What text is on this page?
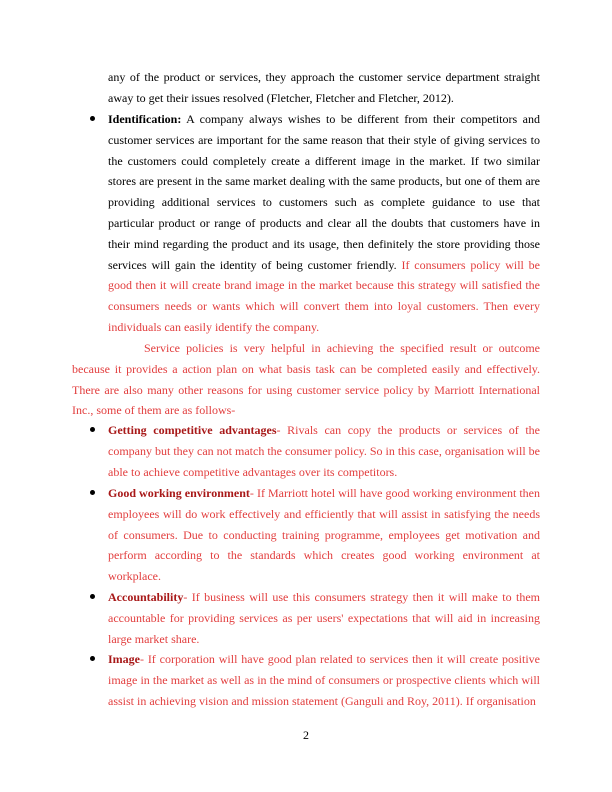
any of the product or services, they approach the customer service department straight away to get their issues resolved (Fletcher, Fletcher and Fletcher, 2012).

Identification: A company always wishes to be different from their competitors and customer services are important for the same reason that their style of giving services to the customers could completely create a different image in the market. If two similar stores are present in the same market dealing with the same products, but one of them are providing additional services to customers such as complete guidance to use that particular product or range of products and clear all the doubts that customers have in their mind regarding the product and its usage, then definitely the store providing those services will gain the identity of being customer friendly. If consumers policy will be good then it will create brand image in the market because this strategy will satisfied the consumers needs or wants which will convert them into loyal customers. Then every individuals can easily identify the company.

Service policies is very helpful in achieving the specified result or outcome because it provides a action plan on what basis task can be completed easily and effectively. There are also many other reasons for using customer service policy by Marriott International Inc., some of them are as follows-

Getting competitive advantages- Rivals can copy the products or services of the company but they can not match the consumer policy. So in this case, organisation will be able to achieve competitive advantages over its competitors.

Good working environment- If Marriott hotel will have good working environment then employees will do work effectively and efficiently that will assist in satisfying the needs of consumers. Due to conducting training programme, employees get motivation and perform according to the standards which creates good working environment at workplace.

Accountability- If business will use this consumers strategy then it will make to them accountable for providing services as per users' expectations that will aid in increasing large market share.

Image- If corporation will have good plan related to services then it will create positive image in the market as well as in the mind of consumers or prospective clients which will assist in achieving vision and mission statement (Ganguli and Roy, 2011). If organisation

2
